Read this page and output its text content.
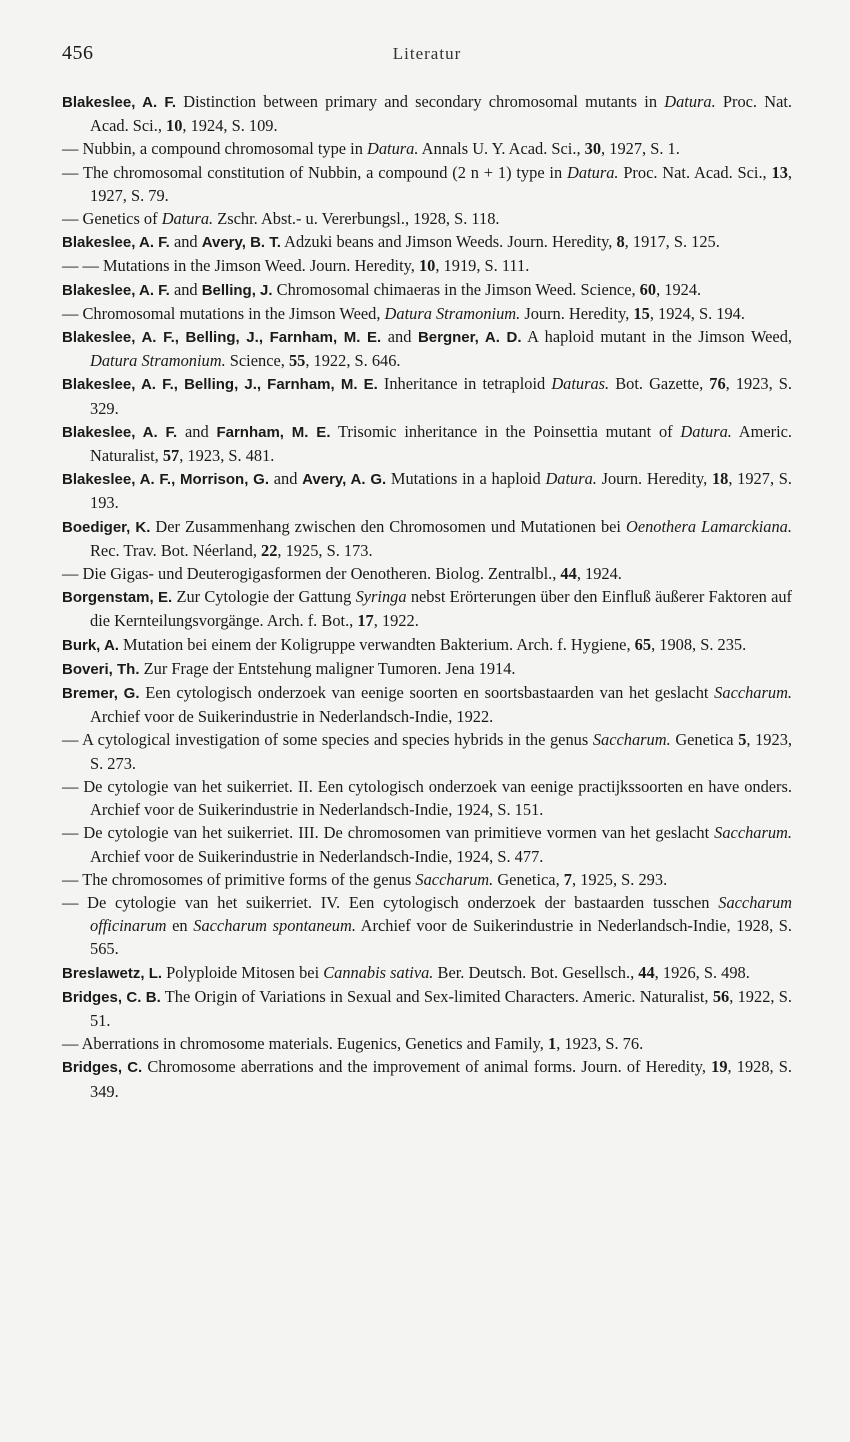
456	Literatur

Blakeslee, A. F. Distinction between primary and secondary chromosomal mutants in Datura. Proc. Nat. Acad. Sci., 10, 1924, S. 109.

— Nubbin, a compound chromosomal type in Datura. Annals U. Y. Acad. Sci., 30, 1927, S. 1.

— The chromosomal constitution of Nubbin, a compound (2 n + 1) type in Datura. Proc. Nat. Acad. Sci., 13, 1927, S. 79.

— Genetics of Datura. Zschr. Abst.- u. Vererbungsl., 1928, S. 118.

Blakeslee, A. F. and Avery, B. T. Adzuki beans and Jimson Weeds. Journ. Heredity, 8, 1917, S. 125.

— — Mutations in the Jimson Weed. Journ. Heredity, 10, 1919, S. 111.

Blakeslee, A. F. and Belling, J. Chromosomal chimaeras in the Jimson Weed. Science, 60, 1924.

— Chromosomal mutations in the Jimson Weed, Datura Stramonium. Journ. Heredity, 15, 1924, S. 194.

Blakeslee, A. F., Belling, J., Farnham, M. E. and Bergner, A. D. A haploid mutant in the Jimson Weed, Datura Stramonium. Science, 55, 1922, S. 646.

Blakeslee, A. F., Belling, J., Farnham, M. E. Inheritance in tetraploid Daturas. Bot. Gazette, 76, 1923, S. 329.

Blakeslee, A. F. and Farnham, M. E. Trisomic inheritance in the Poinsettia mutant of Datura. Americ. Naturalist, 57, 1923, S. 481.

Blakeslee, A. F., Morrison, G. and Avery, A. G. Mutations in a haploid Datura. Journ. Heredity, 18, 1927, S. 193.

Boediger, K. Der Zusammenhang zwischen den Chromosomen und Mutationen bei Oenothera Lamarckiana. Rec. Trav. Bot. Néerland, 22, 1925, S. 173.

— Die Gigas- und Deuterogigasformen der Oenotheren. Biolog. Zentralbl., 44, 1924.

Borgenstam, E. Zur Cytologie der Gattung Syringa nebst Erörterungen über den Einfluß äußerer Faktoren auf die Kernteilungsvorgänge. Arch. f. Bot., 17, 1922.

Burk, A. Mutation bei einem der Koligruppe verwandten Bakterium. Arch. f. Hygiene, 65, 1908, S. 235.

Boveri, Th. Zur Frage der Entstehung maligner Tumoren. Jena 1914.

Bremer, G. Een cytologisch onderzoek van eenige soorten en soortsbastaarden van het geslacht Saccharum. Archief voor de Suikerindustrie in Nederlandsch-Indie, 1922.

— A cytological investigation of some species and species hybrids in the genus Saccharum. Genetica 5, 1923, S. 273.

— De cytologie van het suikerriet. II. Een cytologisch onderzoek van eenige practijkssoorten en have onders. Archief voor de Suikerindustrie in Nederlandsch-Indie, 1924, S. 151.

— De cytologie van het suikerriet. III. De chromosomen van primitieve vormen van het geslacht Saccharum. Archief voor de Suikerindustrie in Nederlandsch-Indie, 1924, S. 477.

— The chromosomes of primitive forms of the genus Saccharum. Genetica, 7, 1925, S. 293.

— De cytologie van het suikerriet. IV. Een cytologisch onderzoek der bastaarden tusschen Saccharum officinarum en Saccharum spontaneum. Archief voor de Suikerindustrie in Nederlandsch-Indie, 1928, S. 565.

Breslawetz, L. Polyploide Mitosen bei Cannabis sativa. Ber. Deutsch. Bot. Gesellsch., 44, 1926, S. 498.

Bridges, C. B. The Origin of Variations in Sexual and Sex-limited Characters. Americ. Naturalist, 56, 1922, S. 51.

— Aberrations in chromosome materials. Eugenics, Genetics and Family, 1, 1923, S. 76.

Bridges, C. Chromosome aberrations and the improvement of animal forms. Journ. of Heredity, 19, 1928, S. 349.
